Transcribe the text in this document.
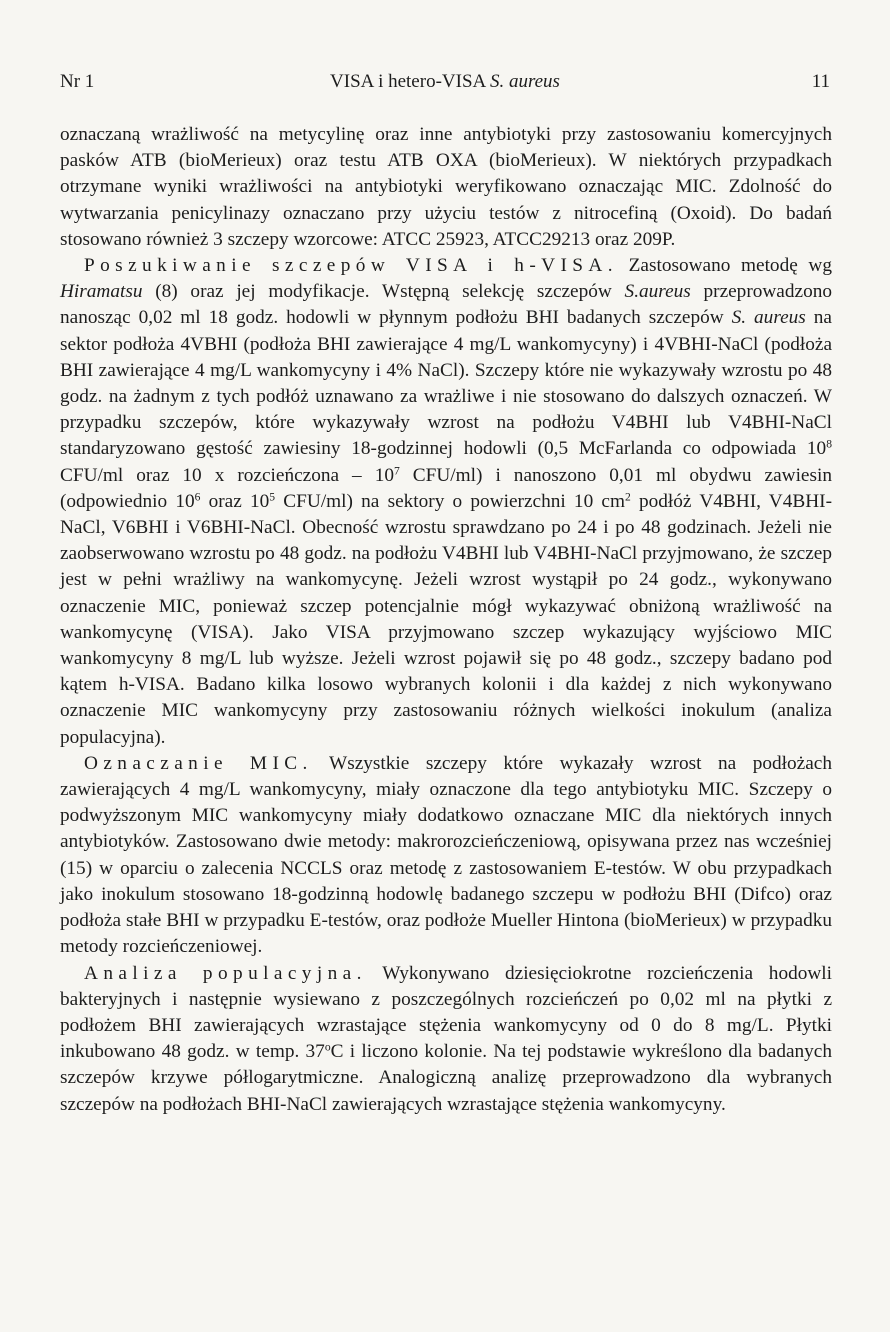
Nr 1	VISA i hetero-VISA S. aureus	11

oznaczaną wrażliwość na metycylinę oraz inne antybiotyki przy zastosowaniu komercyjnych pasków ATB (bioMerieux) oraz testu ATB OXA (bioMerieux). W niektórych przypadkach otrzymane wyniki wrażliwości na antybiotyki weryfikowano oznaczając MIC. Zdolność do wytwarzania penicylinazy oznaczano przy użyciu testów z nitrocefiną (Oxoid). Do badań stosowano również 3 szczepy wzorcowe: ATCC 25923, ATCC29213 oraz 209P.

Poszukiwanie szczepów VISA i h-VISA. Zastosowano metodę wg Hiramatsu (8) oraz jej modyfikacje. Wstępną selekcję szczepów S.aureus przeprowadzono nanosząc 0,02 ml 18 godz. hodowli w płynnym podłożu BHI badanych szczepów S. aureus na sektor podłoża 4VBHI (podłoża BHI zawierające 4 mg/L wankomycyny) i 4VBHI-NaCl (podłoża BHI zawierające 4 mg/L wankomycyny i 4% NaCl). Szczepy które nie wykazywały wzrostu po 48 godz. na żadnym z tych podłóż uznawano za wrażliwe i nie stosowano do dalszych oznaczeń. W przypadku szczepów, które wykazywały wzrost na podłożu V4BHI lub V4BHI-NaCl standaryzowano gęstość zawiesiny 18-godzinnej hodowli (0,5 McFarlanda co odpowiada $10^8$ CFU/ml oraz 10 x rozcieńczona – $10^7$ CFU/ml) i nanoszono 0,01 ml obydwu zawiesin (odpowiednio $10^6$ oraz $10^5$ CFU/ml) na sektory o powierzchni 10 $cm^2$ podłóż V4BHI, V4BHI-NaCl, V6BHI i V6BHI-NaCl. Obecność wzrostu sprawdzano po 24 i po 48 godzinach. Jeżeli nie zaobserwowano wzrostu po 48 godz. na podłożu V4BHI lub V4BHI-NaCl przyjmowano, że szczep jest w pełni wrażliwy na wankomycynę. Jeżeli wzrost wystąpił po 24 godz., wykonywano oznaczenie MIC, ponieważ szczep potencjalnie mógł wykazywać obniżoną wrażliwość na wankomycynę (VISA). Jako VISA przyjmowano szczep wykazujący wyjściowo MIC wankomycyny 8 mg/L lub wyższe. Jeżeli wzrost pojawił się po 48 godz., szczepy badano pod kątem h-VISA. Badano kilka losowo wybranych kolonii i dla każdej z nich wykonywano oznaczenie MIC wankomycyny przy zastosowaniu różnych wielkości inokulum (analiza populacyjna).

Oznaczanie MIC. Wszystkie szczepy które wykazały wzrost na podłożach zawierających 4 mg/L wankomycyny, miały oznaczone dla tego antybiotyku MIC. Szczepy o podwyższonym MIC wankomycyny miały dodatkowo oznaczane MIC dla niektórych innych antybiotyków. Zastosowano dwie metody: makrorozcieńczeniową, opisywana przez nas wcześniej (15) w oparciu o zalecenia NCCLS oraz metodę z zastosowaniem E-testów. W obu przypadkach jako inokulum stosowano 18-godzinną hodowlę badanego szczepu w podłożu BHI (Difco) oraz podłoża stałe BHI w przypadku E-testów, oraz podłoże Mueller Hintona (bioMerieux) w przypadku metody rozcieńczeniowej.

Analiza populacyjna. Wykonywano dziesięciokrotne rozcieńczenia hodowli bakteryjnych i następnie wysiewano z poszczególnych rozcieńczeń po 0,02 ml na płytki z podłożem BHI zawierających wzrastające stężenia wankomycyny od 0 do 8 mg/L. Płytki inkubowano 48 godz. w temp. 37$^o$C i liczono kolonie. Na tej podstawie wykreślono dla badanych szczepów krzywe półlogarytmiczne. Analogiczną analizę przeprowadzono dla wybranych szczepów na podłożach BHI-NaCl zawierających wzrastające stężenia wankomycyny.
